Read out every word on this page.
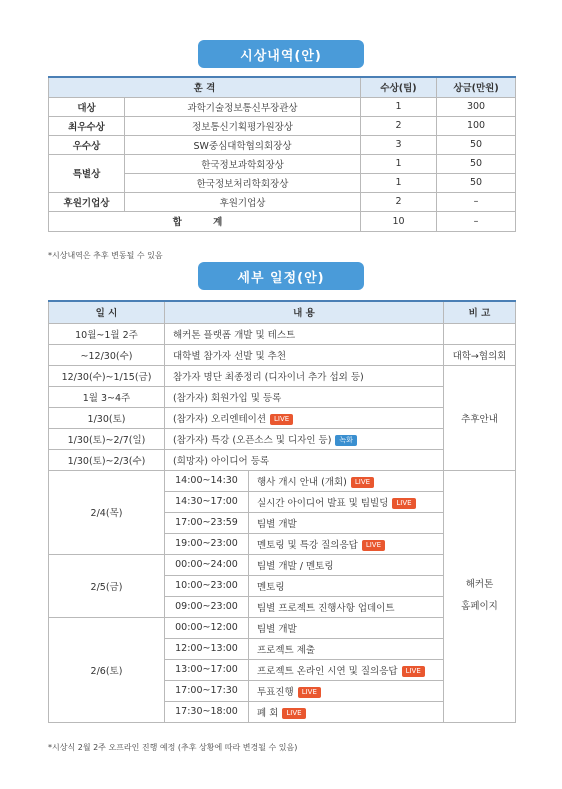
시상내역(안)
훈 격		수상(팀)	상금(만원)
대상	과학기술정보통신부장관상	1	300
최우수상	정보통신기획평가원장상	2	100
우수상	SW중심대학협의회장상	3	50
특별상	한국정보과학회장상	1	50
	한국정보처리학회장상	1	50
후원기업상	후원기업상	2	–
합 계		10	–
*시상내역은 추후 변동될 수 있음
세부 일정(안)
일 시	내 용		비 고
10월~1월 2주	해커톤 플랫폼 개발 및 테스트		
~12/30(수)	대학별 참가자 선발 및 추천		대학→협의회
12/30(수)~1/15(금)	참가자 명단 최종정리 (디자이너 추가 섭외 등)		추후안내
1월 3~4주	(참가자) 회원가입 및 등록		
1/30(토)	(참가자) 오리엔테이션 LIVE		
1/30(토)~2/7(일)	(참가자) 특강 (오픈소스 및 디자인 등) 녹화		
1/30(토)~2/3(수)	(희망자) 아이디어 등록		
2/4(목)	14:00~14:30	행사 개시 안내 (개회) LIVE	해커톤
홈페이지
	14:30~17:00	실시간 아이디어 발표 및 팀빌딩 LIVE	
	17:00~23:59	팀별 개발	
	19:00~23:00	멘토링 및 특강 질의응답 LIVE	
2/5(금)	00:00~24:00	팀별 개발 / 멘토링	
	10:00~23:00	멘토링	
	09:00~23:00	팀별 프로젝트 진행사항 업데이트	
2/6(토)	00:00~12:00	팀별 개발	
	12:00~13:00	프로젝트 제출	
	13:00~17:00	프로젝트 온라인 시연 및 질의응답 LIVE	
	17:00~17:30	투표진행 LIVE	
	17:30~18:00	폐 회 LIVE	
*시상식 2월 2주 오프라인 진행 예정 (추후 상황에 따라 변경될 수 있음)
